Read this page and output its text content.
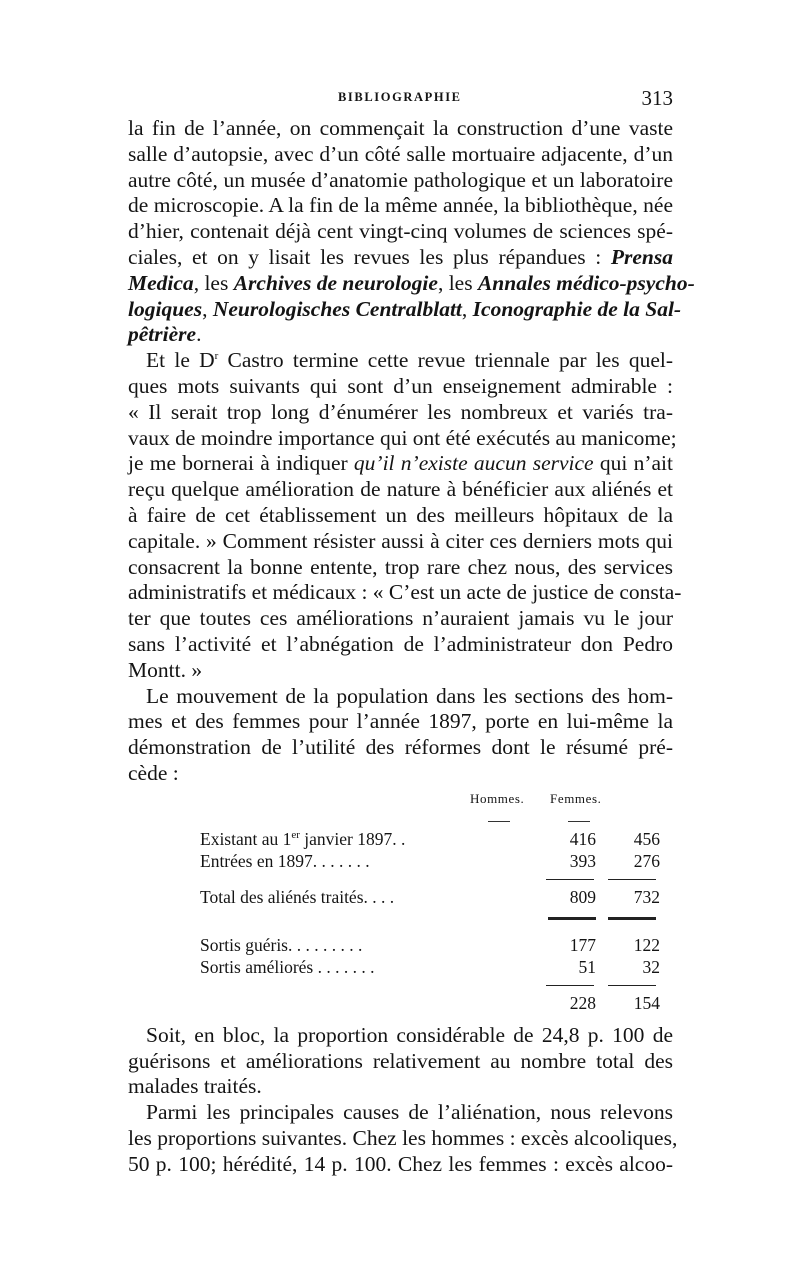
BIBLIOGRAPHIE	313

la fin de l’année, on commençait la construction d’une vaste

salle d’autopsie, avec d’un côté salle mortuaire adjacente, d’un

autre côté, un musée d’anatomie pathologique et un laboratoire

de microscopie. A la fin de la même année, la bibliothèque, née

d’hier, contenait déjà cent vingt-cinq volumes de sciences spé-

ciales, et on y lisait les revues les plus répandues : Prensa

Medica, les Archives de neurologie, les Annales médico-psycho-

logiques, Neurologisches Centralblatt, Iconographie de la Sal-

pêtrière.

Et le $D^r$ Castro termine cette revue triennale par les quel-

ques mots suivants qui sont d’un enseignement admirable :

« Il serait trop long d’énumérer les nombreux et variés tra-

vaux de moindre importance qui ont été exécutés au manicome;

je me bornerai à indiquer qu’il n’existe aucun service qui n’ait

reçu quelque amélioration de nature à bénéficier aux aliénés et

à faire de cet établissement un des meilleurs hôpitaux de la

capitale. » Comment résister aussi à citer ces derniers mots qui

consacrent la bonne entente, trop rare chez nous, des services

administratifs et médicaux : « C’est un acte de justice de consta-

ter que toutes ces améliorations n’auraient jamais vu le jour

sans l’activité et l’abnégation de l’administrateur don Pedro

Montt. »

Le mouvement de la population dans les sections des hom-

mes et des femmes pour l’année 1897, porte en lui-même la

démonstration de l’utilité des réformes dont le résumé pré-

cède :

Hommes. Femmes.
Existant au 1er janvier 1897. .	416	456
Entrées en 1897. . . . . . .	393	276
Total des aliénés traités. . . .	809	732
Sortis guéris. . . . . . . . .	177	122
Sortis améliorés . . . . . . .	51	32
228	154

Soit, en bloc, la proportion considérable de 24,8 p. 100 de

guérisons et améliorations relativement au nombre total des

malades traités.

Parmi les principales causes de l’aliénation, nous relevons

les proportions suivantes. Chez les hommes : excès alcooliques,

50 p. 100; hérédité, 14 p. 100. Chez les femmes : excès alcoo-
